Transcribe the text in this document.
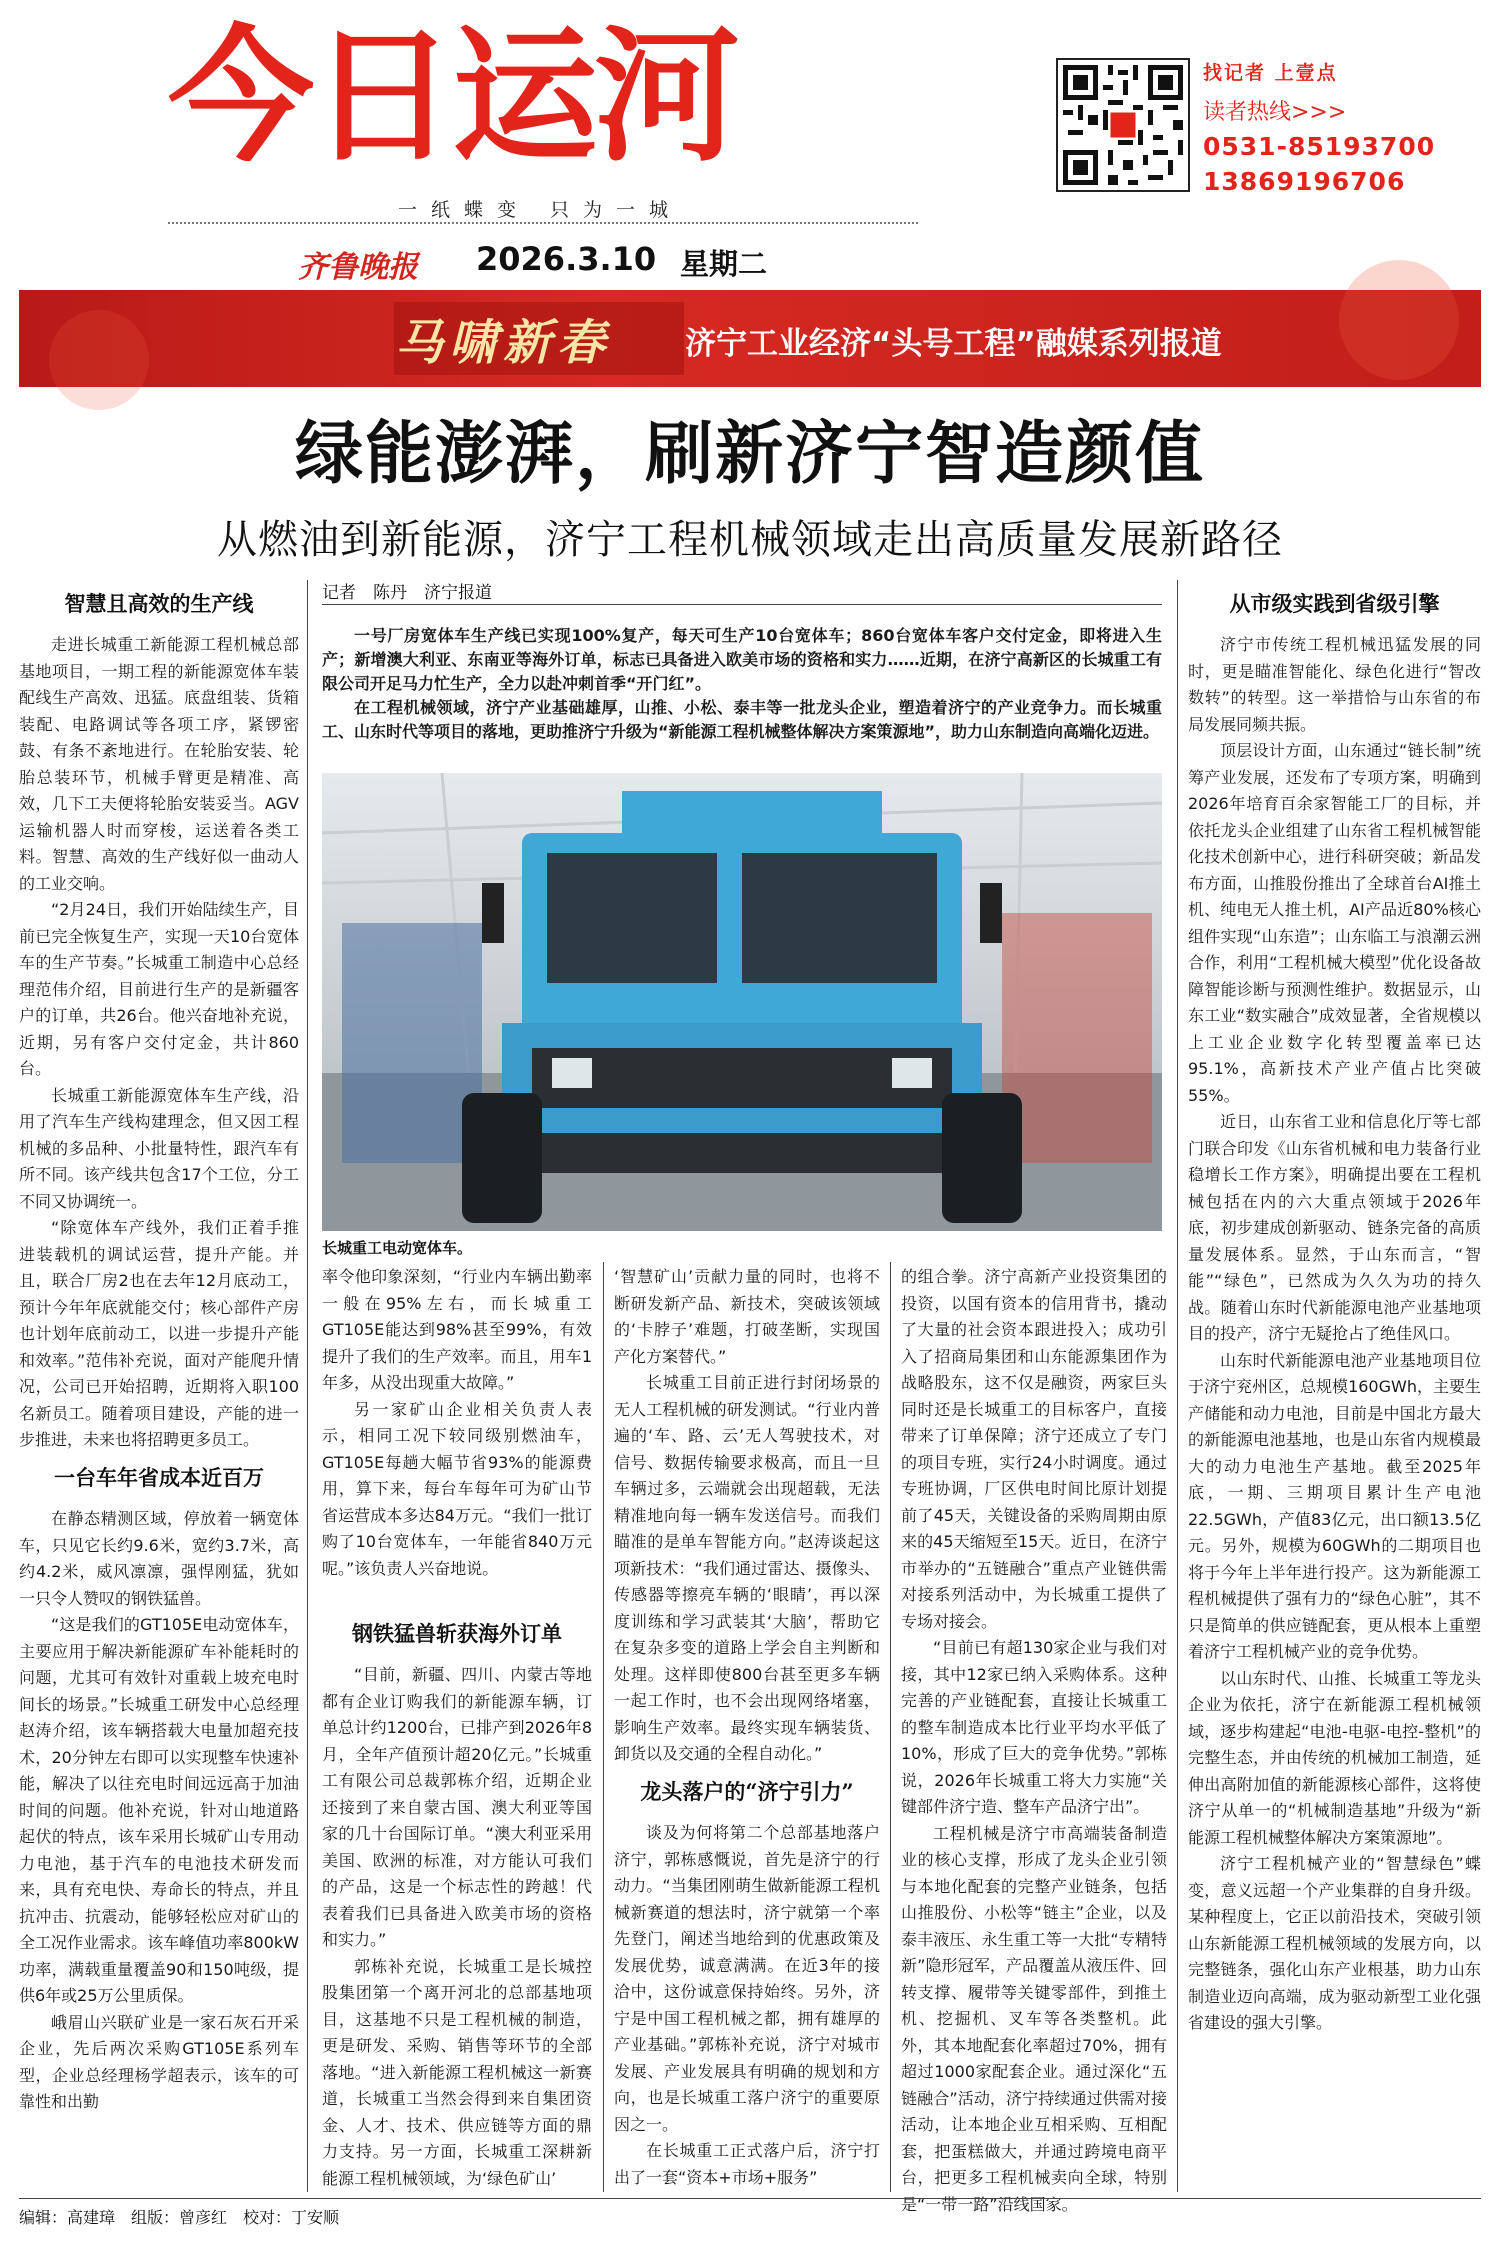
今日运河
一纸蝶变 只为一城
齐鲁晚报 2026.3.10 星期二
找记者 上壹点
读者热线>>>
0531-85193700
13869196706
马啸新春 济宁工业经济“头号工程”融媒系列报道
绿能澎湃，刷新济宁智造颜值
从燃油到新能源，济宁工程机械领域走出高质量发展新路径
智慧且高效的生产线

走进长城重工新能源工程机械总部基地项目，一期工程的新能源宽体车装配线生产高效、迅猛。底盘组装、货箱装配、电路调试等各项工序，紧锣密鼓、有条不紊地进行。在轮胎安装、轮胎总装环节，机械手臂更是精准、高效，几下工夫便将轮胎安装妥当。AGV运输机器人时而穿梭，运送着各类工料。智慧、高效的生产线好似一曲动人的工业交响。

“2月24日，我们开始陆续生产，目前已完全恢复生产，实现一天10台宽体车的生产节奏。”长城重工制造中心总经理范伟介绍，目前进行生产的是新疆客户的订单，共26台。他兴奋地补充说，近期，另有客户交付定金，共计860台。

长城重工新能源宽体车生产线，沿用了汽车生产线构建理念，但又因工程机械的多品种、小批量特性，跟汽车有所不同。该产线共包含17个工位，分工不同又协调统一。

“除宽体车产线外，我们正着手推进装载机的调试运营，提升产能。并且，联合厂房2也在去年12月底动工，预计今年年底就能交付；核心部件产房也计划年底前动工，以进一步提升产能和效率。”范伟补充说，面对产能爬升情况，公司已开始招聘，近期将入职100名新员工。随着项目建设，产能的进一步推进，未来也将招聘更多员工。

一台车年省成本近百万

在静态精测区域，停放着一辆宽体车，只见它长约9.6米，宽约3.7米，高约4.2米，威风凛凛，强悍刚猛，犹如一只令人赞叹的钢铁猛兽。

“这是我们的GT105E电动宽体车，主要应用于解决新能源矿车补能耗时的问题，尤其可有效针对重载上坡充电时间长的场景。”长城重工研发中心总经理赵涛介绍，该车辆搭载大电量加超充技术，20分钟左右即可以实现整车快速补能，解决了以往充电时间远远高于加油时间的问题。他补充说，针对山地道路起伏的特点，该车采用长城矿山专用动力电池，基于汽车的电池技术研发而来，具有充电快、寿命长的特点，并且抗冲击、抗震动，能够轻松应对矿山的全工况作业需求。该车峰值功率800kW功率，满载重量覆盖90和150吨级，提供6年或25万公里质保。

峨眉山兴联矿业是一家石灰石开采企业，先后两次采购GT105E系列车型，企业总经理杨学超表示，该车的可靠性和出勤

记者　陈丹　济宁报道

一号厂房宽体车生产线已实现100%复产，每天可生产10台宽体车；860台宽体车客户交付定金，即将进入生产；新增澳大利亚、东南亚等海外订单，标志已具备进入欧美市场的资格和实力……近期，在济宁高新区的长城重工有限公司开足马力忙生产，全力以赴冲刺首季“开门红”。

在工程机械领域，济宁产业基础雄厚，山推、小松、泰丰等一批龙头企业，塑造着济宁的产业竞争力。而长城重工、山东时代等项目的落地，更助推济宁升级为“新能源工程机械整体解决方案策源地”，助力山东制造向高端化迈进。

长城重工电动宽体车。

率令他印象深刻，“行业内车辆出勤率一般在95%左右，而长城重工GT105E能达到98%甚至99%，有效提升了我们的生产效率。而且，用车1年多，从没出现重大故障。”

另一家矿山企业相关负责人表示，相同工况下较同级别燃油车，GT105E每趟大幅节省93%的能源费用，算下来，每台车每年可为矿山节省运营成本多达84万元。“我们一批订购了10台宽体车，一年能省840万元呢。”该负责人兴奋地说。

钢铁猛兽斩获海外订单

“目前，新疆、四川、内蒙古等地都有企业订购我们的新能源车辆，订单总计约1200台，已排产到2026年8月，全年产值预计超20亿元。”长城重工有限公司总裁郭栋介绍，近期企业还接到了来自蒙古国、澳大利亚等国家的几十台国际订单。“澳大利亚采用美国、欧洲的标准，对方能认可我们的产品，这是一个标志性的跨越！代表着我们已具备进入欧美市场的资格和实力。”

郭栋补充说，长城重工是长城控股集团第一个离开河北的总部基地项目，这基地不只是工程机械的制造，更是研发、采购、销售等环节的全部落地。“进入新能源工程机械这一新赛道，长城重工当然会得到来自集团资金、人才、技术、供应链等方面的鼎力支持。另一方面，长城重工深耕新能源工程机械领域，为‘绿色矿山’

‘智慧矿山’贡献力量的同时，也将不断研发新产品、新技术，突破该领域的‘卡脖子’难题，打破垄断，实现国产化方案替代。”

长城重工目前正进行封闭场景的无人工程机械的研发测试。“行业内普遍的‘车、路、云’无人驾驶技术，对信号、数据传输要求极高，而且一旦车辆过多，云端就会出现超载，无法精准地向每一辆车发送信号。而我们瞄准的是单车智能方向。”赵涛谈起这项新技术：“我们通过雷达、摄像头、传感器等擦亮车辆的‘眼睛’，再以深度训练和学习武装其‘大脑’，帮助它在复杂多变的道路上学会自主判断和处理。这样即使800台甚至更多车辆一起工作时，也不会出现网络堵塞，影响生产效率。最终实现车辆装货、卸货以及交通的全程自动化。”

龙头落户的“济宁引力”

谈及为何将第二个总部基地落户济宁，郭栋感慨说，首先是济宁的行动力。“当集团刚萌生做新能源工程机械新赛道的想法时，济宁就第一个率先登门，阐述当地给到的优惠政策及发展优势，诚意满满。在近3年的接洽中，这份诚意保持始终。另外，济宁是中国工程机械之都，拥有雄厚的产业基础。”郭栋补充说，济宁对城市发展、产业发展具有明确的规划和方向，也是长城重工落户济宁的重要原因之一。

在长城重工正式落户后，济宁打出了一套“资本+市场+服务”

的组合拳。济宁高新产业投资集团的投资，以国有资本的信用背书，撬动了大量的社会资本跟进投入；成功引入了招商局集团和山东能源集团作为战略股东，这不仅是融资，两家巨头同时还是长城重工的目标客户，直接带来了订单保障；济宁还成立了专门的项目专班，实行24小时调度。通过专班协调，厂区供电时间比原计划提前了45天，关键设备的采购周期由原来的45天缩短至15天。近日，在济宁市举办的“五链融合”重点产业链供需对接系列活动中，为长城重工提供了专场对接会。

“目前已有超130家企业与我们对接，其中12家已纳入采购体系。这种完善的产业链配套，直接让长城重工的整车制造成本比行业平均水平低了10%，形成了巨大的竞争优势。”郭栋说，2026年长城重工将大力实施“关键部件济宁造、整车产品济宁出”。

工程机械是济宁市高端装备制造业的核心支撑，形成了龙头企业引领与本地化配套的完整产业链条，包括山推股份、小松等“链主”企业，以及泰丰液压、永生重工等一大批“专精特新”隐形冠军，产品覆盖从液压件、回转支撑、履带等关键零部件，到推土机、挖掘机、叉车等各类整机。此外，其本地配套化率超过70%，拥有超过1000家配套企业。通过深化“五链融合”活动，济宁持续通过供需对接活动，让本地企业互相采购、互相配套，把蛋糕做大，并通过跨境电商平台，把更多工程机械卖向全球，特别是“一带一路”沿线国家。

从市级实践到省级引擎

济宁市传统工程机械迅猛发展的同时，更是瞄准智能化、绿色化进行“智改数转”的转型。这一举措恰与山东省的布局发展同频共振。

顶层设计方面，山东通过“链长制”统筹产业发展，还发布了专项方案，明确到2026年培育百余家智能工厂的目标，并依托龙头企业组建了山东省工程机械智能化技术创新中心，进行科研突破；新品发布方面，山推股份推出了全球首台AI推土机、纯电无人推土机，AI产品近80%核心组件实现“山东造”；山东临工与浪潮云洲合作，利用“工程机械大模型”优化设备故障智能诊断与预测性维护。数据显示，山东工业“数实融合”成效显著，全省规模以上工业企业数字化转型覆盖率已达95.1%，高新技术产业产值占比突破55%。

近日，山东省工业和信息化厅等七部门联合印发《山东省机械和电力装备行业稳增长工作方案》，明确提出要在工程机械包括在内的六大重点领域于2026年底，初步建成创新驱动、链条完备的高质量发展体系。显然，于山东而言，“智能”“绿色”，已然成为久久为功的持久战。随着山东时代新能源电池产业基地项目的投产，济宁无疑抢占了绝佳风口。

山东时代新能源电池产业基地项目位于济宁兖州区，总规模160GWh，主要生产储能和动力电池，目前是中国北方最大的新能源电池基地，也是山东省内规模最大的动力电池生产基地。截至2025年底，一期、三期项目累计生产电池22.5GWh，产值83亿元，出口额13.5亿元。另外，规模为60GWh的二期项目也将于今年上半年进行投产。这为新能源工程机械提供了强有力的“绿色心脏”，其不只是简单的供应链配套，更从根本上重塑着济宁工程机械产业的竞争优势。

以山东时代、山推、长城重工等龙头企业为依托，济宁在新能源工程机械领域，逐步构建起“电池-电驱-电控-整机”的完整生态，并由传统的机械加工制造，延伸出高附加值的新能源核心部件，这将使济宁从单一的“机械制造基地”升级为“新能源工程机械整体解决方案策源地”。

济宁工程机械产业的“智慧绿色”蝶变，意义远超一个产业集群的自身升级。某种程度上，它正以前沿技术，突破引领山东新能源工程机械领域的发展方向，以完整链条，强化山东产业根基，助力山东制造业迈向高端，成为驱动新型工业化强省建设的强大引擎。

编辑：高建璋　组版：曾彦红　校对：丁安顺
